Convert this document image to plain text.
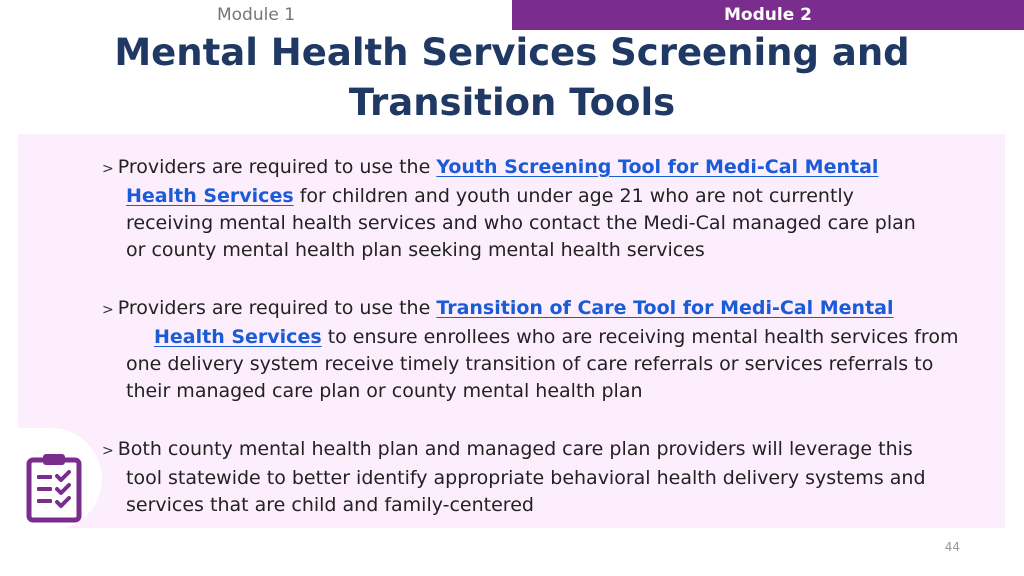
Module 1	Module 2
Mental Health Services Screening and
Transition Tools

> Providers are required to use the Youth Screening Tool for Medi-Cal Mental
Health Services for children and youth under age 21 who are not currently
receiving mental health services and who contact the Medi-Cal managed care plan
or county mental health plan seeking mental health services

> Providers are required to use the Transition of Care Tool for Medi-Cal Mental
Health Services to ensure enrollees who are receiving mental health services from
one delivery system receive timely transition of care referrals or services referrals to
their managed care plan or county mental health plan

> Both county mental health plan and managed care plan providers will leverage this
tool statewide to better identify appropriate behavioral health delivery systems and
services that are child and family-centered

44
